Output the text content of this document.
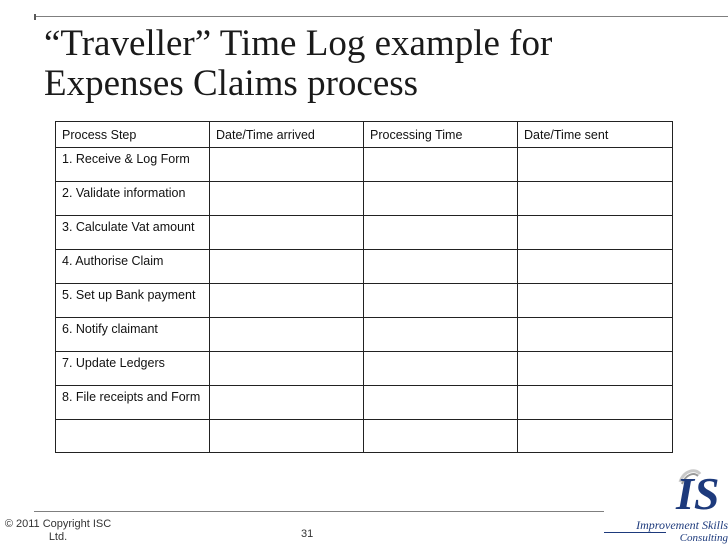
“Traveller” Time Log example for
Expenses Claims process
Process Step	Date/Time arrived	Processing Time	Date/Time sent
1. Receive & Log Form			
2. Validate information			
3. Calculate Vat amount			
4. Authorise Claim			
5. Set up Bank payment			
6. Notify claimant			
7. Update Ledgers			
8. File receipts and Form			

© 2011 Copyright ISC Ltd.	31
IS
Improvement Skills
Consulting
